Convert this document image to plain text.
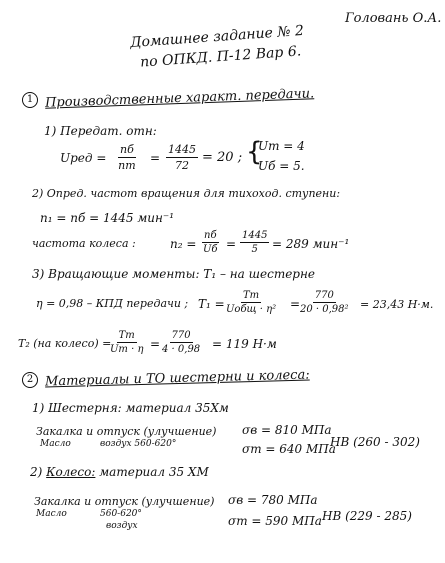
Головань О.А.
Домашнее задание № 2
по ОПКД. П-12 Вар 6.
1 Производственные характ. передачи.
1) Передат. отн:
Uред =
nб
nт
= $\frac{1445}{72} = 20$ ; {
Uт = 4
Uб = 5.
2) Опред. частот вращения для тихоход. ступени:
n₁ = nб = 1445 мин⁻¹
частота колеса :	n₂ =
nб
Uб = $\frac{1445}{5} = 289$ мин⁻¹
3) Вращающие моменты: T₁ – на шестерне
η = 0,98 – КПД передачи ; T₁ =
Tт
Uобщ · $\eta^2 = \frac{770}{\text{20 · 0,98²}} = 23,43$ Н·м.
T₂ (на колесо) =
Tт
Uт · $\eta = \frac{770}{4 \cdot 0,98} = 119$ Н·м
2 Материалы и ТО шестерни и колеса:
1) Шестерня: материал 35Хм
Закалка и отпуск (улучшение)
Масло	воздух 560-620°
σв = 810 МПа
σт = 640 МПа
НВ (260 - 302)
2) Колесо: материал 35 ХМ
Закалка и отпуск (улучшение)
Масло	560-620°
воздух
σв = 780 МПа
σт = 590 МПа НВ (229 - 285)
